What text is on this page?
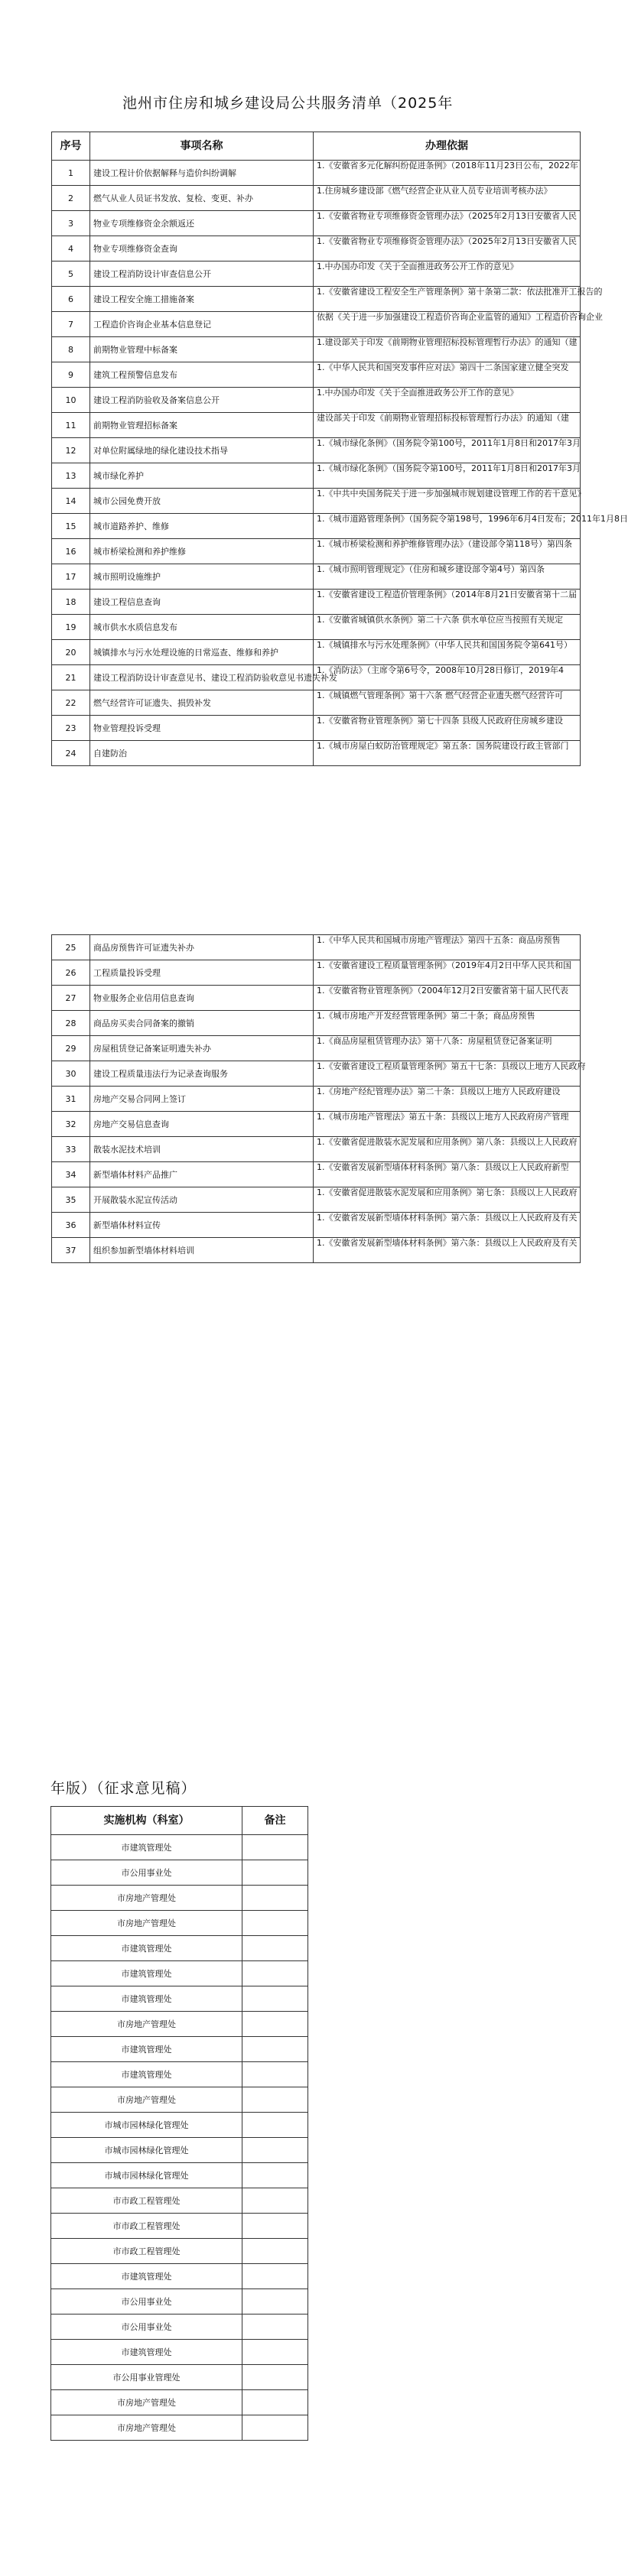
池州市住房和城乡建设局公共服务清单（2025年
序号	事项名称	办理依据
1	建设工程计价依据解释与造价纠纷调解	1.《安徽省多元化解纠纷促进条例》（2018年11月23日公布，2022年

2	燃气从业人员证书发放、复检、变更、补办	1.住房城乡建设部《燃气经营企业从业人员专业培训考核办法》

3	物业专项维修资金余额返还	1.《安徽省物业专项维修资金管理办法》（2025年2月13日安徽省人民

4	物业专项维修资金查询	1.《安徽省物业专项维修资金管理办法》（2025年2月13日安徽省人民

5	建设工程消防设计审查信息公开	1.中办国办印发《关于全面推进政务公开工作的意见》

6	建设工程安全施工措施备案	1.《安徽省建设工程安全生产管理条例》第十条第二款：依法批准开工报告的

7	工程造价咨询企业基本信息登记	依据《关于进一步加强建设工程造价咨询企业监管的通知》工程造价咨询企业

8	前期物业管理中标备案	1.建设部关于印发《前期物业管理招标投标管理暂行办法》的通知（建

9	建筑工程预警信息发布	1.《中华人民共和国突发事件应对法》第四十二条国家建立健全突发

10	建设工程消防验收及备案信息公开	1.中办国办印发《关于全面推进政务公开工作的意见》

11	前期物业管理招标备案	建设部关于印发《前期物业管理招标投标管理暂行办法》的通知（建

12	对单位附属绿地的绿化建设技术指导	1.《城市绿化条例》（国务院令第100号，2011年1月8日和2017年3月

13	城市绿化养护	1.《城市绿化条例》（国务院令第100号，2011年1月8日和2017年3月

14	城市公园免费开放	1.《中共中央国务院关于进一步加强城市规划建设管理工作的若干意见》

15	城市道路养护、维修	1.《城市道路管理条例》（国务院令第198号，1996年6月4日发布；2011年1月8日

16	城市桥梁检测和养护维修	1.《城市桥梁检测和养护维修管理办法》（建设部令第118号）第四条

17	城市照明设施维护	1.《城市照明管理规定》（住房和城乡建设部令第4号）第四条

18	建设工程信息查询	1.《安徽省建设工程造价管理条例》（2014年8月21日安徽省第十二届

19	城市供水水质信息发布	1.《安徽省城镇供水条例》第二十六条 供水单位应当按照有关规定

20	城镇排水与污水处理设施的日常巡查、维修和养护	1.《城镇排水与污水处理条例》（中华人民共和国国务院令第641号）

21	建设工程消防设计审查意见书、建设工程消防验收意见书遗失补发	1.《消防法》（主席令第6号令，2008年10月28日修订，2019年4

22	燃气经营许可证遗失、损毁补发	1.《城镇燃气管理条例》第十六条 燃气经营企业遗失燃气经营许可

23	物业管理投诉受理	1.《安徽省物业管理条例》第七十四条 县级人民政府住房城乡建设

24	自建防治	1.《城市房屋白蚁防治管理规定》第五条：国务院建设行政主管部门
25	商品房预售许可证遗失补办	1.《中华人民共和国城市房地产管理法》第四十五条：商品房预售

26	工程质量投诉受理	1.《安徽省建设工程质量管理条例》（2019年4月2日中华人民共和国

27	物业服务企业信用信息查询	1.《安徽省物业管理条例》（2004年12月2日安徽省第十届人民代表

28	商品房买卖合同备案的撤销	1.《城市房地产开发经营管理条例》第二十条；商品房预售

29	房屋租赁登记备案证明遗失补办	1.《商品房屋租赁管理办法》第十八条：房屋租赁登记备案证明

30	建设工程质量违法行为记录查询服务	1.《安徽省建设工程质量管理条例》第五十七条：县级以上地方人民政府

31	房地产交易合同网上签订	1.《房地产经纪管理办法》第二十条：县级以上地方人民政府建设

32	房地产交易信息查询	1.《城市房地产管理法》第五十条：县级以上地方人民政府房产管理

33	散装水泥技术培训	1.《安徽省促进散装水泥发展和应用条例》第八条：县级以上人民政府

34	新型墙体材料产品推广	1.《安徽省发展新型墙体材料条例》第八条：县级以上人民政府新型

35	开展散装水泥宣传活动	1.《安徽省促进散装水泥发展和应用条例》第七条：县级以上人民政府

36	新型墙体材料宣传	1.《安徽省发展新型墙体材料条例》第六条：县级以上人民政府及有关

37	组织参加新型墙体材料培训	1.《安徽省发展新型墙体材料条例》第六条：县级以上人民政府及有关
年版）（征求意见稿）
实施机构（科室）	备注
市建筑管理处	
市公用事业处	
市房地产管理处	
市房地产管理处	
市建筑管理处	
市建筑管理处	
市建筑管理处	
市房地产管理处	
市建筑管理处	
市建筑管理处	
市房地产管理处	
市城市园林绿化管理处	
市城市园林绿化管理处	
市城市园林绿化管理处	
市市政工程管理处	
市市政工程管理处	
市市政工程管理处	
市建筑管理处	
市公用事业处	
市公用事业处	
市建筑管理处	
市公用事业管理处	
市房地产管理处	
市房地产管理处	
